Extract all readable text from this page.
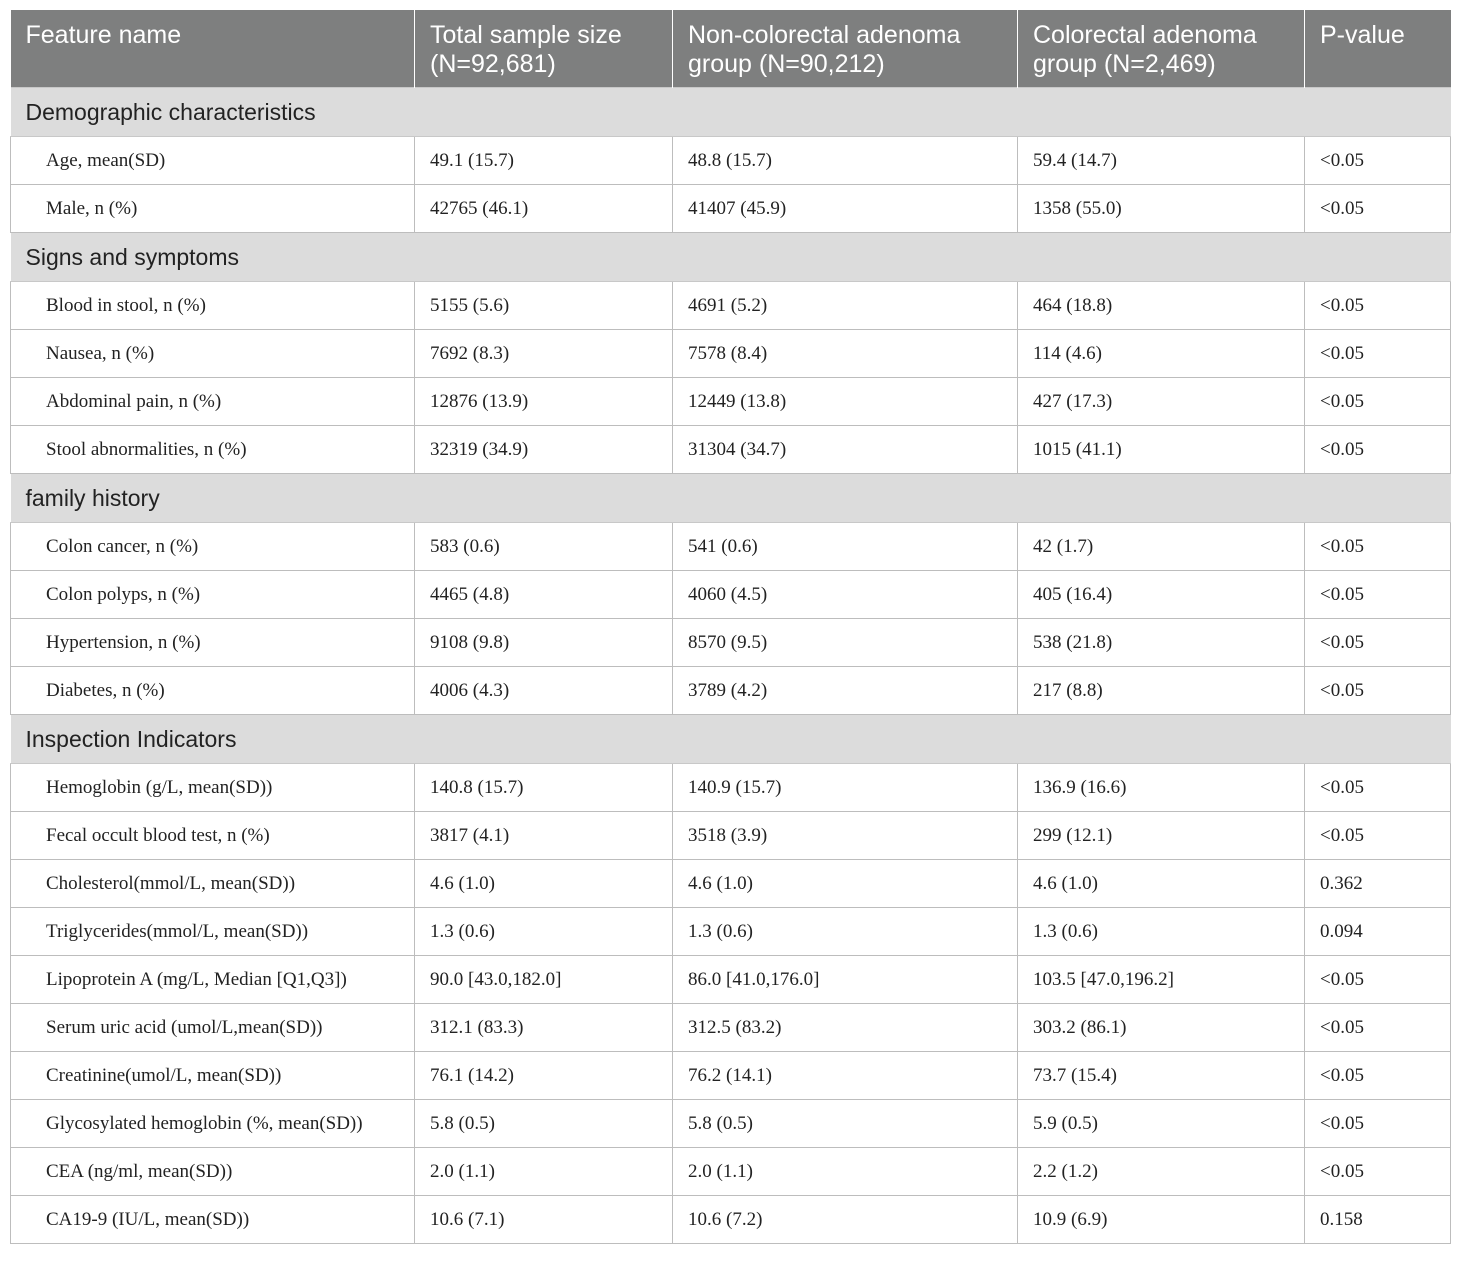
Feature name	Total sample size (N=92,681)	Non-colorectal adenoma group (N=90,212)	Colorectal adenoma group (N=2,469)	P-value
Demographic characteristics				
Age, mean(SD)	49.1 (15.7)	48.8 (15.7)	59.4 (14.7)	<0.05
Male, n (%)	42765 (46.1)	41407 (45.9)	1358 (55.0)	<0.05
Signs and symptoms				
Blood in stool, n (%)	5155 (5.6)	4691 (5.2)	464 (18.8)	<0.05
Nausea, n (%)	7692 (8.3)	7578 (8.4)	114 (4.6)	<0.05
Abdominal pain, n (%)	12876 (13.9)	12449 (13.8)	427 (17.3)	<0.05
Stool abnormalities, n (%)	32319 (34.9)	31304 (34.7)	1015 (41.1)	<0.05
family history				
Colon cancer, n (%)	583 (0.6)	541 (0.6)	42 (1.7)	<0.05
Colon polyps, n (%)	4465 (4.8)	4060 (4.5)	405 (16.4)	<0.05
Hypertension, n (%)	9108 (9.8)	8570 (9.5)	538 (21.8)	<0.05
Diabetes, n (%)	4006 (4.3)	3789 (4.2)	217 (8.8)	<0.05
Inspection Indicators				
Hemoglobin (g/L, mean(SD))	140.8 (15.7)	140.9 (15.7)	136.9 (16.6)	<0.05
Fecal occult blood test, n (%)	3817 (4.1)	3518 (3.9)	299 (12.1)	<0.05
Cholesterol(mmol/L, mean(SD))	4.6 (1.0)	4.6 (1.0)	4.6 (1.0)	0.362
Triglycerides(mmol/L, mean(SD))	1.3 (0.6)	1.3 (0.6)	1.3 (0.6)	0.094
Lipoprotein A (mg/L, Median [Q1,Q3])	90.0 [43.0,182.0]	86.0 [41.0,176.0]	103.5 [47.0,196.2]	<0.05
Serum uric acid (umol/L,mean(SD))	312.1 (83.3)	312.5 (83.2)	303.2 (86.1)	<0.05
Creatinine(umol/L, mean(SD))	76.1 (14.2)	76.2 (14.1)	73.7 (15.4)	<0.05
Glycosylated hemoglobin (%, mean(SD))	5.8 (0.5)	5.8 (0.5)	5.9 (0.5)	<0.05
CEA (ng/ml, mean(SD))	2.0 (1.1)	2.0 (1.1)	2.2 (1.2)	<0.05
CA19-9 (IU/L, mean(SD))	10.6 (7.1)	10.6 (7.2)	10.9 (6.9)	0.158
